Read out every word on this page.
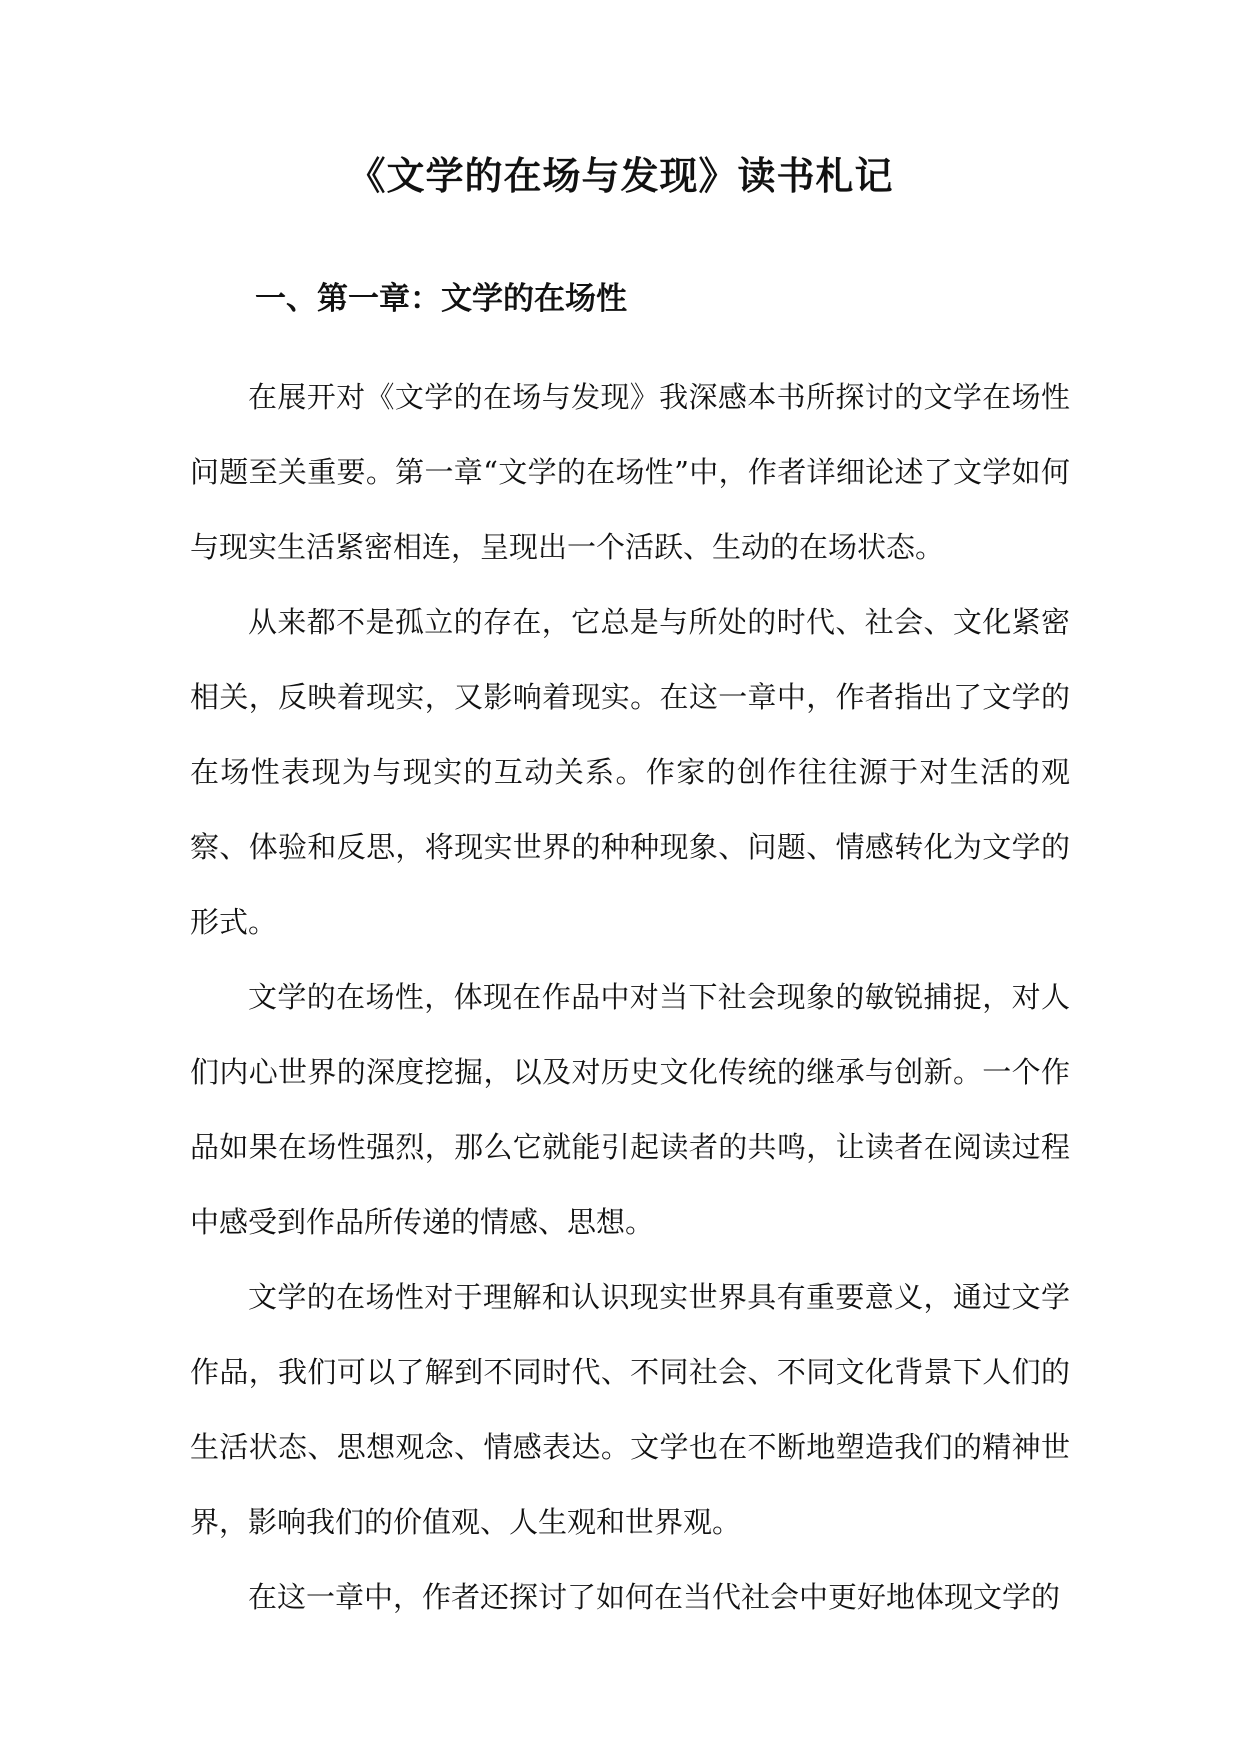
《文学的在场与发现》读书札记
一、第一章：文学的在场性

在展开对《文学的在场与发现》我深感本书所探讨的文学在场性问题至关重要。第一章“文学的在场性”中，作者详细论述了文学如何与现实生活紧密相连，呈现出一个活跃、生动的在场状态。

从来都不是孤立的存在，它总是与所处的时代、社会、文化紧密相关，反映着现实，又影响着现实。在这一章中，作者指出了文学的在场性表现为与现实的互动关系。作家的创作往往源于对生活的观察、体验和反思，将现实世界的种种现象、问题、情感转化为文学的形式。

文学的在场性，体现在作品中对当下社会现象的敏锐捕捉，对人们内心世界的深度挖掘，以及对历史文化传统的继承与创新。一个作品如果在场性强烈，那么它就能引起读者的共鸣，让读者在阅读过程中感受到作品所传递的情感、思想。

文学的在场性对于理解和认识现实世界具有重要意义，通过文学作品，我们可以了解到不同时代、不同社会、不同文化背景下人们的生活状态、思想观念、情感表达。文学也在不断地塑造我们的精神世界，影响我们的价值观、人生观和世界观。

在这一章中，作者还探讨了如何在当代社会中更好地体现文学的
